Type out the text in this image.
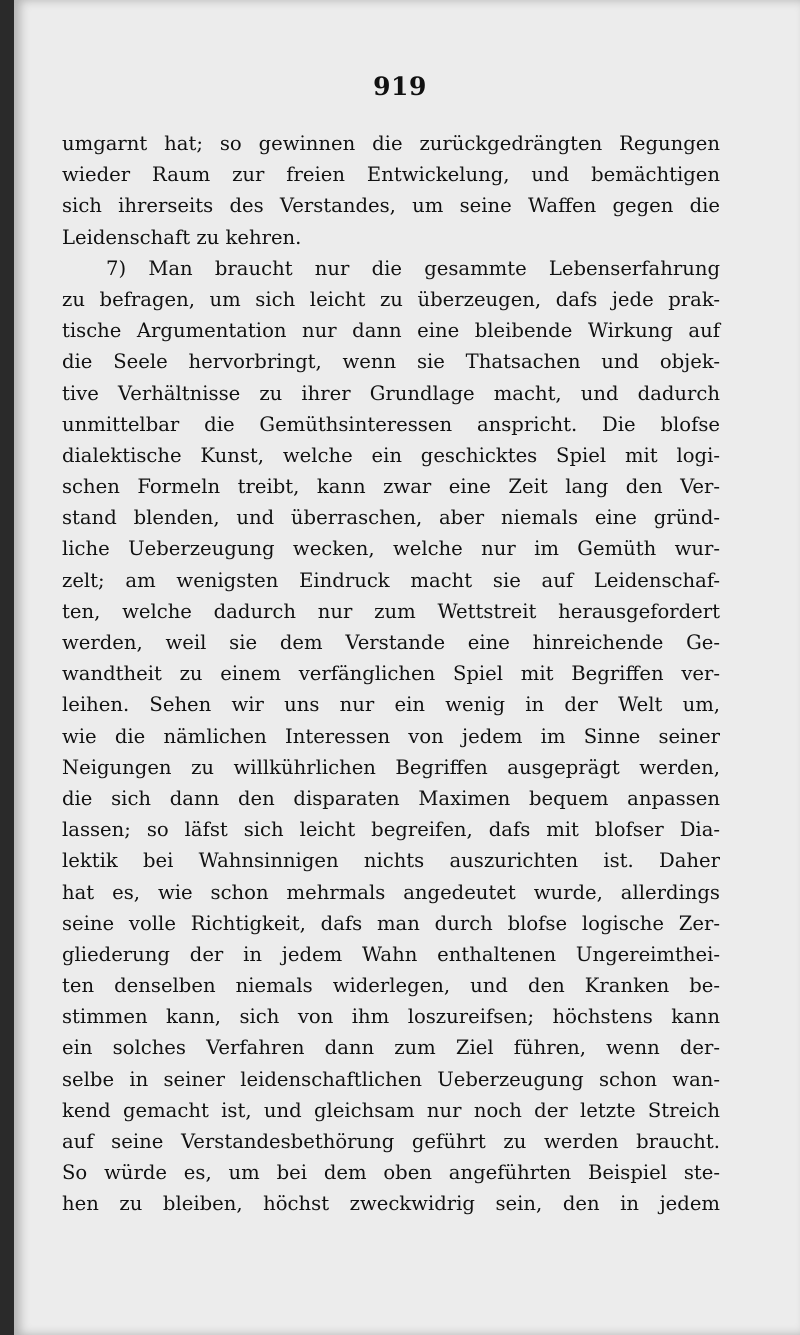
919
umgarnt hat; so gewinnen die zurückgedrängten Regungen
wieder Raum zur freien Entwickelung, und bemächtigen
sich ihrerseits des Verstandes, um seine Waffen gegen die
Leidenschaft zu kehren.
7) Man braucht nur die gesammte Lebenserfahrung
zu befragen, um sich leicht zu überzeugen, dafs jede prak-
tische Argumentation nur dann eine bleibende Wirkung auf
die Seele hervorbringt, wenn sie Thatsachen und objek-
tive Verhältnisse zu ihrer Grundlage macht, und dadurch
unmittelbar die Gemüthsinteressen anspricht. Die blofse
dialektische Kunst, welche ein geschicktes Spiel mit logi-
schen Formeln treibt, kann zwar eine Zeit lang den Ver-
stand blenden, und überraschen, aber niemals eine gründ-
liche Ueberzeugung wecken, welche nur im Gemüth wur-
zelt; am wenigsten Eindruck macht sie auf Leidenschaf-
ten, welche dadurch nur zum Wettstreit herausgefordert
werden, weil sie dem Verstande eine hinreichende Ge-
wandtheit zu einem verfänglichen Spiel mit Begriffen ver-
leihen. Sehen wir uns nur ein wenig in der Welt um,
wie die nämlichen Interessen von jedem im Sinne seiner
Neigungen zu willkührlichen Begriffen ausgeprägt werden,
die sich dann den disparaten Maximen bequem anpassen
lassen; so läfst sich leicht begreifen, dafs mit blofser Dia-
lektik bei Wahnsinnigen nichts auszurichten ist. Daher
hat es, wie schon mehrmals angedeutet wurde, allerdings
seine volle Richtigkeit, dafs man durch blofse logische Zer-
gliederung der in jedem Wahn enthaltenen Ungereimthei-
ten denselben niemals widerlegen, und den Kranken be-
stimmen kann, sich von ihm loszureifsen; höchstens kann
ein solches Verfahren dann zum Ziel führen, wenn der-
selbe in seiner leidenschaftlichen Ueberzeugung schon wan-
kend gemacht ist, und gleichsam nur noch der letzte Streich
auf seine Verstandesbethörung geführt zu werden braucht.
So würde es, um bei dem oben angeführten Beispiel ste-
hen zu bleiben, höchst zweckwidrig sein, den in jedem
